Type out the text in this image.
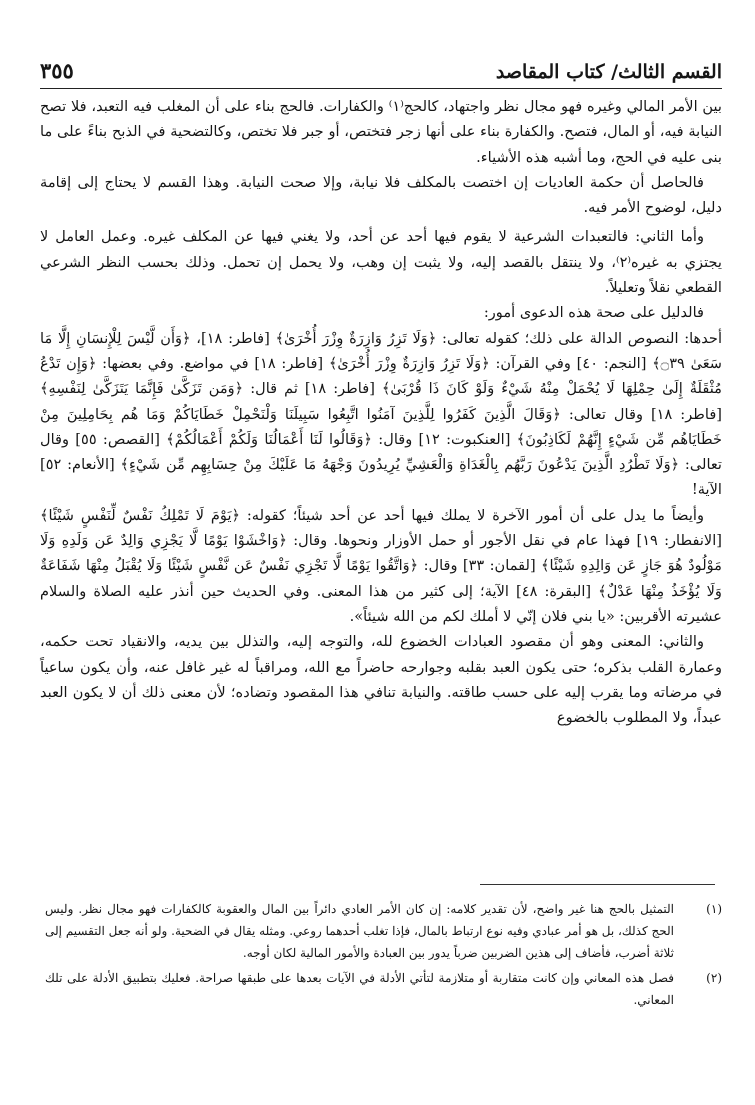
القسم الثالث/ كتاب المقاصد
٣٥٥

بين الأمر المالي وغيره فهو مجال نظر واجتهاد، كالحج⁽١⁾ والكفارات. فالحج بناء على أن المغلب فيه التعبد، فلا تصح النيابة فيه، أو المال، فتصح. والكفارة بناء على أنها زجر فتختص، أو جبر فلا تختص، وكالتضحية في الذبح بناءً على ما بنى عليه في الحج، وما أشبه هذه الأشياء.

فالحاصل أن حكمة العاديات إن اختصت بالمكلف فلا نيابة، وإلا صحت النيابة. وهذا القسم لا يحتاج إلى إقامة دليل، لوضوح الأمر فيه.

وأما الثاني: فالتعبدات الشرعية لا يقوم فيها أحد عن أحد، ولا يغني فيها عن المكلف غيره. وعمل العامل لا يجتزي به غيره⁽٢⁾، ولا ينتقل بالقصد إليه، ولا يثبت إن وهب، ولا يحمل إن تحمل. وذلك بحسب النظر الشرعي القطعي نقلاً وتعليلاً.

فالدليل على صحة هذه الدعوى أمور:

أحدها: النصوص الدالة على ذلك؛ كقوله تعالى: ﴿وَلَا تَزِرُ وَازِرَةٌ وِزْرَ أُخْرَىٰ﴾ [فاطر: ١٨]، ﴿وَأَن لَّيْسَ لِلْإِنسَانِ إِلَّا مَا سَعَىٰ ۝٣٩﴾ [النجم: ٤٠] وفي القرآن: ﴿وَلَا تَزِرُ وَازِرَةٌ وِزْرَ أُخْرَىٰ﴾ [فاطر: ١٨] في مواضع. وفي بعضها: ﴿وَإِن تَدْعُ مُثْقَلَةٌ إِلَىٰ حِمْلِهَا لَا يُحْمَلْ مِنْهُ شَيْءٌ وَلَوْ كَانَ ذَا قُرْبَىٰ﴾ [فاطر: ١٨] ثم قال: ﴿وَمَن تَزَكَّىٰ فَإِنَّمَا يَتَزَكَّىٰ لِنَفْسِهِ﴾ [فاطر: ١٨] وقال تعالى: ﴿وَقَالَ الَّذِينَ كَفَرُوا لِلَّذِينَ آمَنُوا اتَّبِعُوا سَبِيلَنَا وَلْنَحْمِلْ خَطَايَاكُمْ وَمَا هُم بِحَامِلِينَ مِنْ خَطَايَاهُم مِّن شَيْءٍ إِنَّهُمْ لَكَاذِبُونَ﴾ [العنكبوت: ١٢] وقال: ﴿وَقَالُوا لَنَا أَعْمَالُنَا وَلَكُمْ أَعْمَالُكُمْ﴾ [القصص: ٥٥] وقال تعالى: ﴿وَلَا تَطْرُدِ الَّذِينَ يَدْعُونَ رَبَّهُم بِالْغَدَاةِ وَالْعَشِيِّ يُرِيدُونَ وَجْهَهُ مَا عَلَيْكَ مِنْ حِسَابِهِم مِّن شَيْءٍ﴾ [الأنعام: ٥٢] الآية!

وأيضاً ما يدل على أن أمور الآخرة لا يملك فيها أحد عن أحد شيئاً؛ كقوله: ﴿يَوْمَ لَا تَمْلِكُ نَفْسٌ لِّنَفْسٍ شَيْئًا﴾ [الانفطار: ١٩] فهذا عام في نقل الأجور أو حمل الأوزار ونحوها. وقال: ﴿وَاخْشَوْا يَوْمًا لَّا يَجْزِي وَالِدٌ عَن وَلَدِهِ وَلَا مَوْلُودٌ هُوَ جَازٍ عَن وَالِدِهِ شَيْئًا﴾ [لقمان: ٣٣] وقال: ﴿وَاتَّقُوا يَوْمًا لَّا تَجْزِي نَفْسٌ عَن نَّفْسٍ شَيْئًا وَلَا يُقْبَلُ مِنْهَا شَفَاعَةٌ وَلَا يُؤْخَذُ مِنْهَا عَدْلٌ﴾ [البقرة: ٤٨] الآية؛ إلى كثير من هذا المعنى. وفي الحديث حين أنذر عليه الصلاة والسلام عشيرته الأقربين: «يا بني فلان إنّي لا أملك لكم من الله شيئاً».

والثاني: المعنى وهو أن مقصود العبادات الخضوع لله، والتوجه إليه، والتذلل بين يديه، والانقياد تحت حكمه، وعمارة القلب بذكره؛ حتى يكون العبد بقلبه وجوارحه حاضراً مع الله، ومراقباً له غير غافل عنه، وأن يكون ساعياً في مرضاته وما يقرب إليه على حسب طاقته. والنيابة تنافي هذا المقصود وتضاده؛ لأن معنى ذلك أن لا يكون العبد عبداً، ولا المطلوب بالخضوع

(١)
التمثيل بالحج هنا غير واضح، لأن تقدير كلامه: إن كان الأمر العادي دائراً بين المال والعقوبة كالكفارات فهو مجال نظر. وليس الحج كذلك، بل هو أمر عبادي وفيه نوع ارتباط بالمال، فإذا تغلب أحدهما روعي. ومثله يقال في الضحية. ولو أنه جعل التقسيم إلى ثلاثة أضرب، فأضاف إلى هذين الضربين ضرباً يدور بين العبادة والأمور المالية لكان أوجه.
(٢)
فصل هذه المعاني وإن كانت متقاربة أو متلازمة لتأتي الأدلة في الآيات بعدها على طبقها صراحة. فعليك بتطبيق الأدلة على تلك المعاني.
